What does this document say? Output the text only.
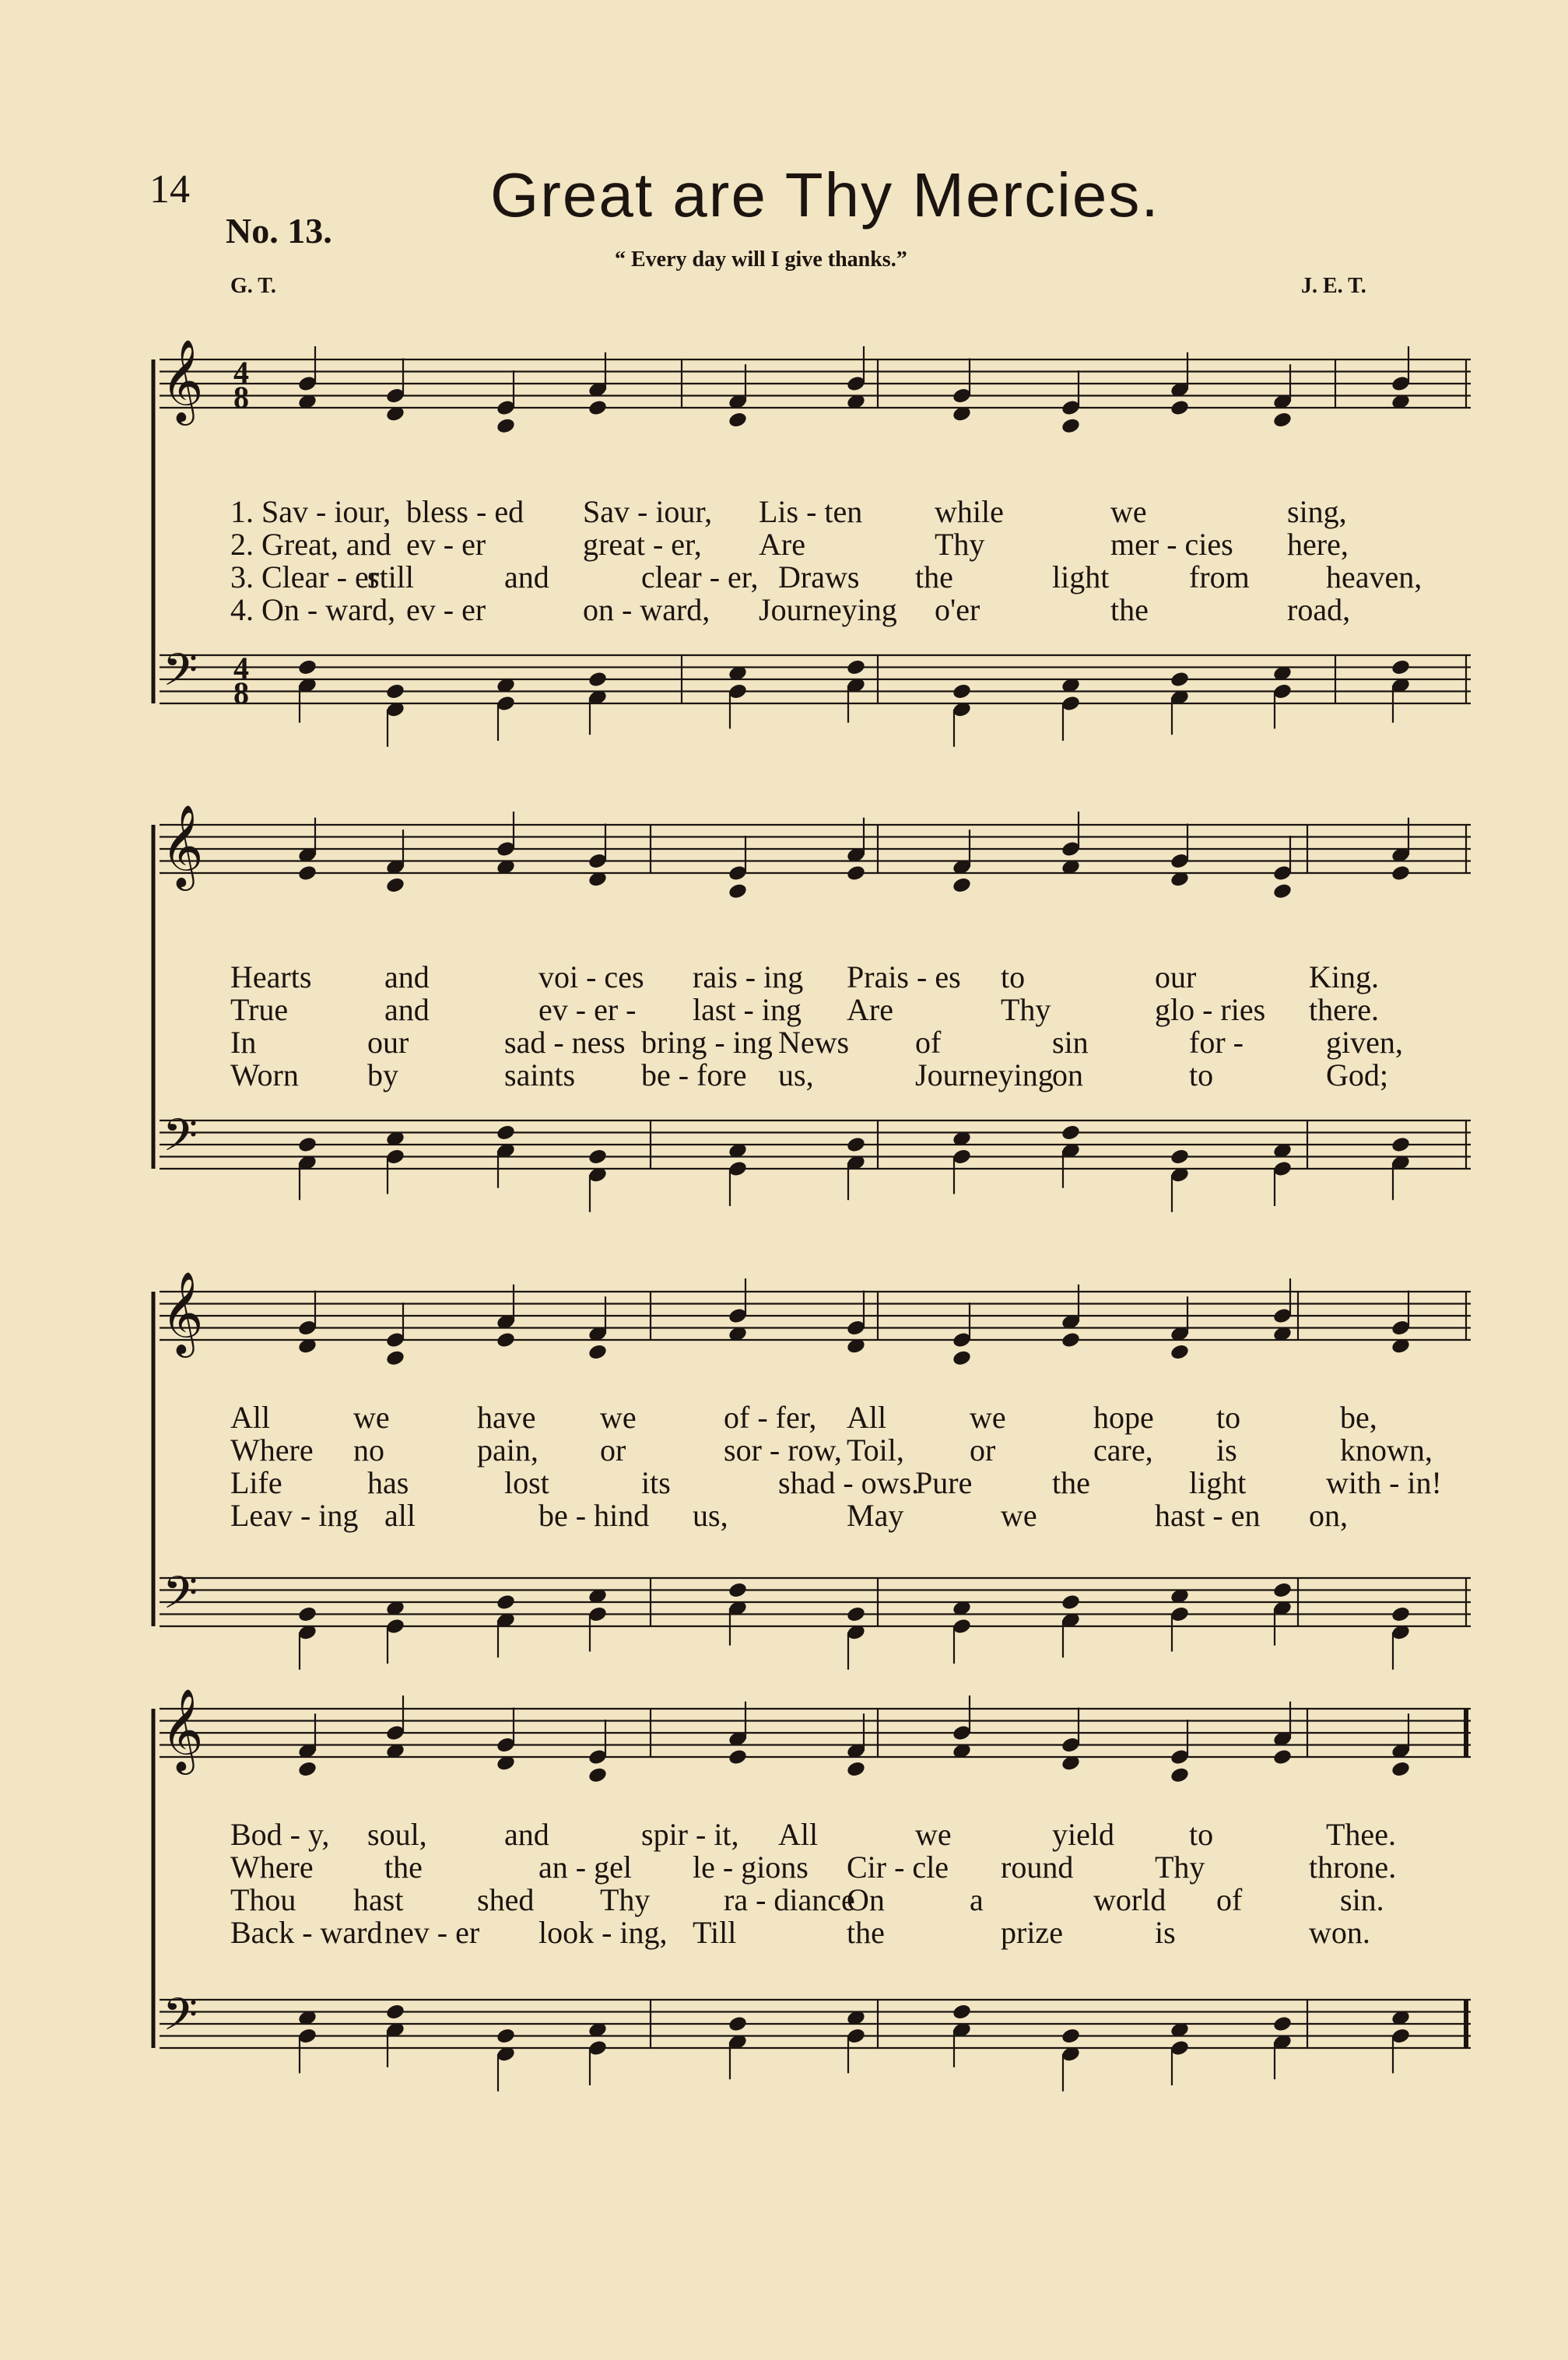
14
No. 13.
Great are Thy Mercies.
“ Every day will I give thanks.”
G. T.	J. E. T.
𝄞
𝄢
4
8
4
8
𝄞
𝄢
𝄞
𝄢
𝄞
𝄢
1. Sav - iour, bless - ed Sav - iour, Lis - ten while	we	sing,
2. Great, and ev - er	great - er, Are	Thy	mer - cies here,
3. Clear - er
still	and	clear - er, Draws the	light	from heaven,
4. On - ward, ev - er	on - ward, Journeying o'er	the	road,
Hearts and	voi - ces rais - ing Prais - es to	our	King.
True	and	ev - er - last - ing Are	Thy	glo - ries there.
In	our	sad - ness bring - ing News of	sin	for -	given,
Worn by	saints be - fore us,	Journeying
on	to	God;
All	we	have we	of - fer, All	we	hope to	be,
Where no	pain, or	sor - row, Toil, or	care, is	known,
Life	has	lost	its	shad - ows.
Pure	the	light	with - in!
Leav - ing all	be - hind us,	May	we	hast - en on,
Bod - y, soul, and	spir - it, All	we	yield to	Thee.
Where the	an - gel le - gions Cir - cle round	Thy	throne.
Thou hast shed Thy ra - diance
On	a	world of	sin.
Back - ward nev - er look - ing, Till	the	prize	is	won.
